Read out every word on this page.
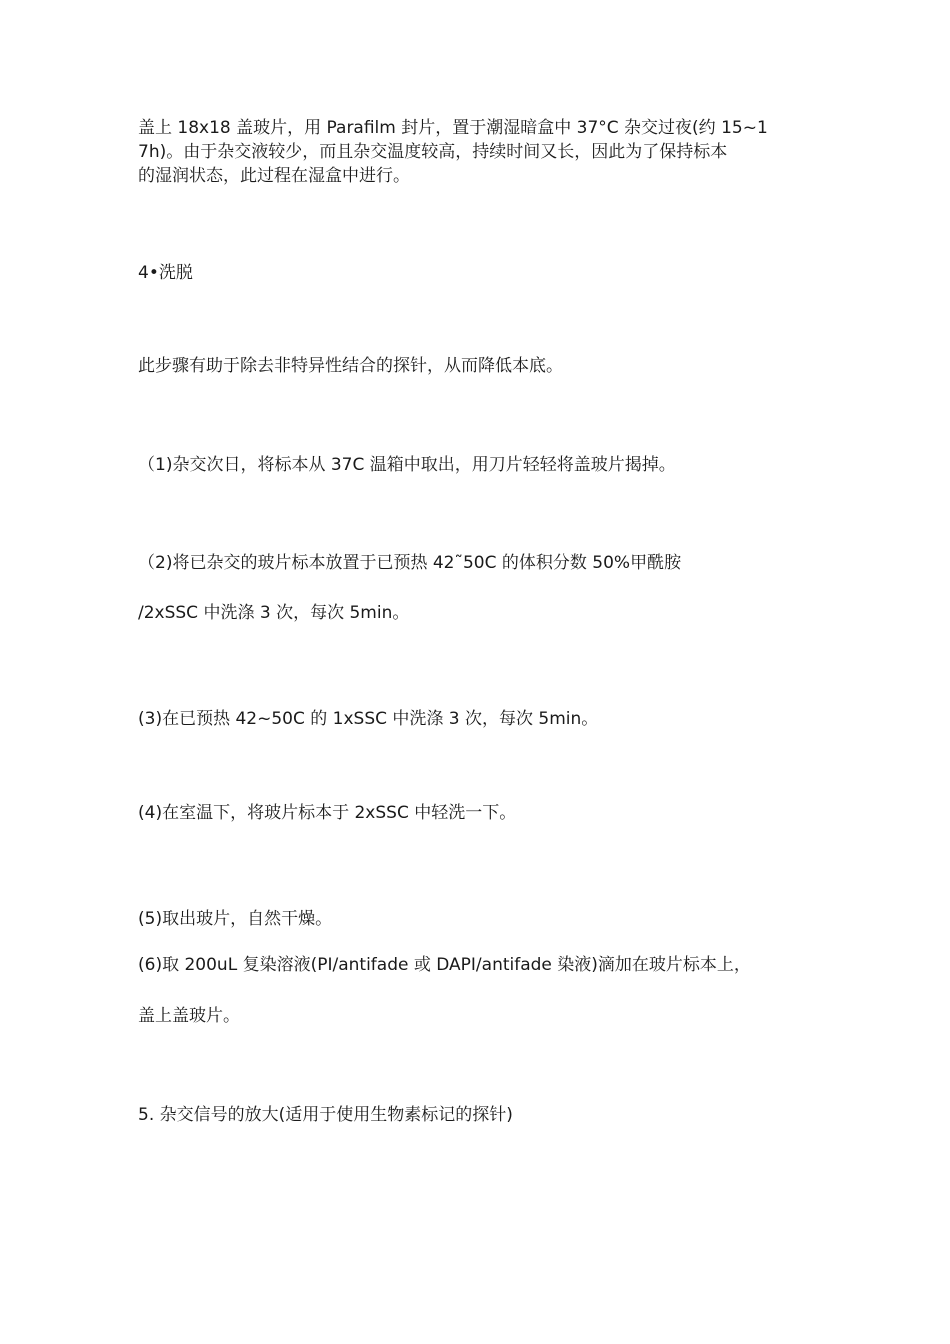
盖上 18x18 盖玻片，用 Parafilm 封片，置于潮湿暗盒中 37°C 杂交过夜(约 15~1
7h)。由于杂交液较少，而且杂交温度较高，持续时间又长，因此为了保持标本
的湿润状态，此过程在湿盒中进行。
4•洗脱
此步骤有助于除去非特异性结合的探针，从而降低本底。
（1)杂交次日，将标本从 37C 温箱中取出，用刀片轻轻将盖玻片揭掉。
（2)将已杂交的玻片标本放置于已预热 42˜50C 的体积分数 50%甲酰胺
/2xSSC 中洗涤 3 次，每次 5min。
(3)在已预热 42~50C 的 1xSSC 中洗涤 3 次，每次 5min。
(4)在室温下，将玻片标本于 2xSSC 中轻洗一下。
(5)取出玻片，自然干燥。
(6)取 200uL 复染溶液(PI/antifade 或 DAPI/antifade 染液)滴加在玻片标本上，
盖上盖玻片。
5. 杂交信号的放大(适用于使用生物素标记的探针)
